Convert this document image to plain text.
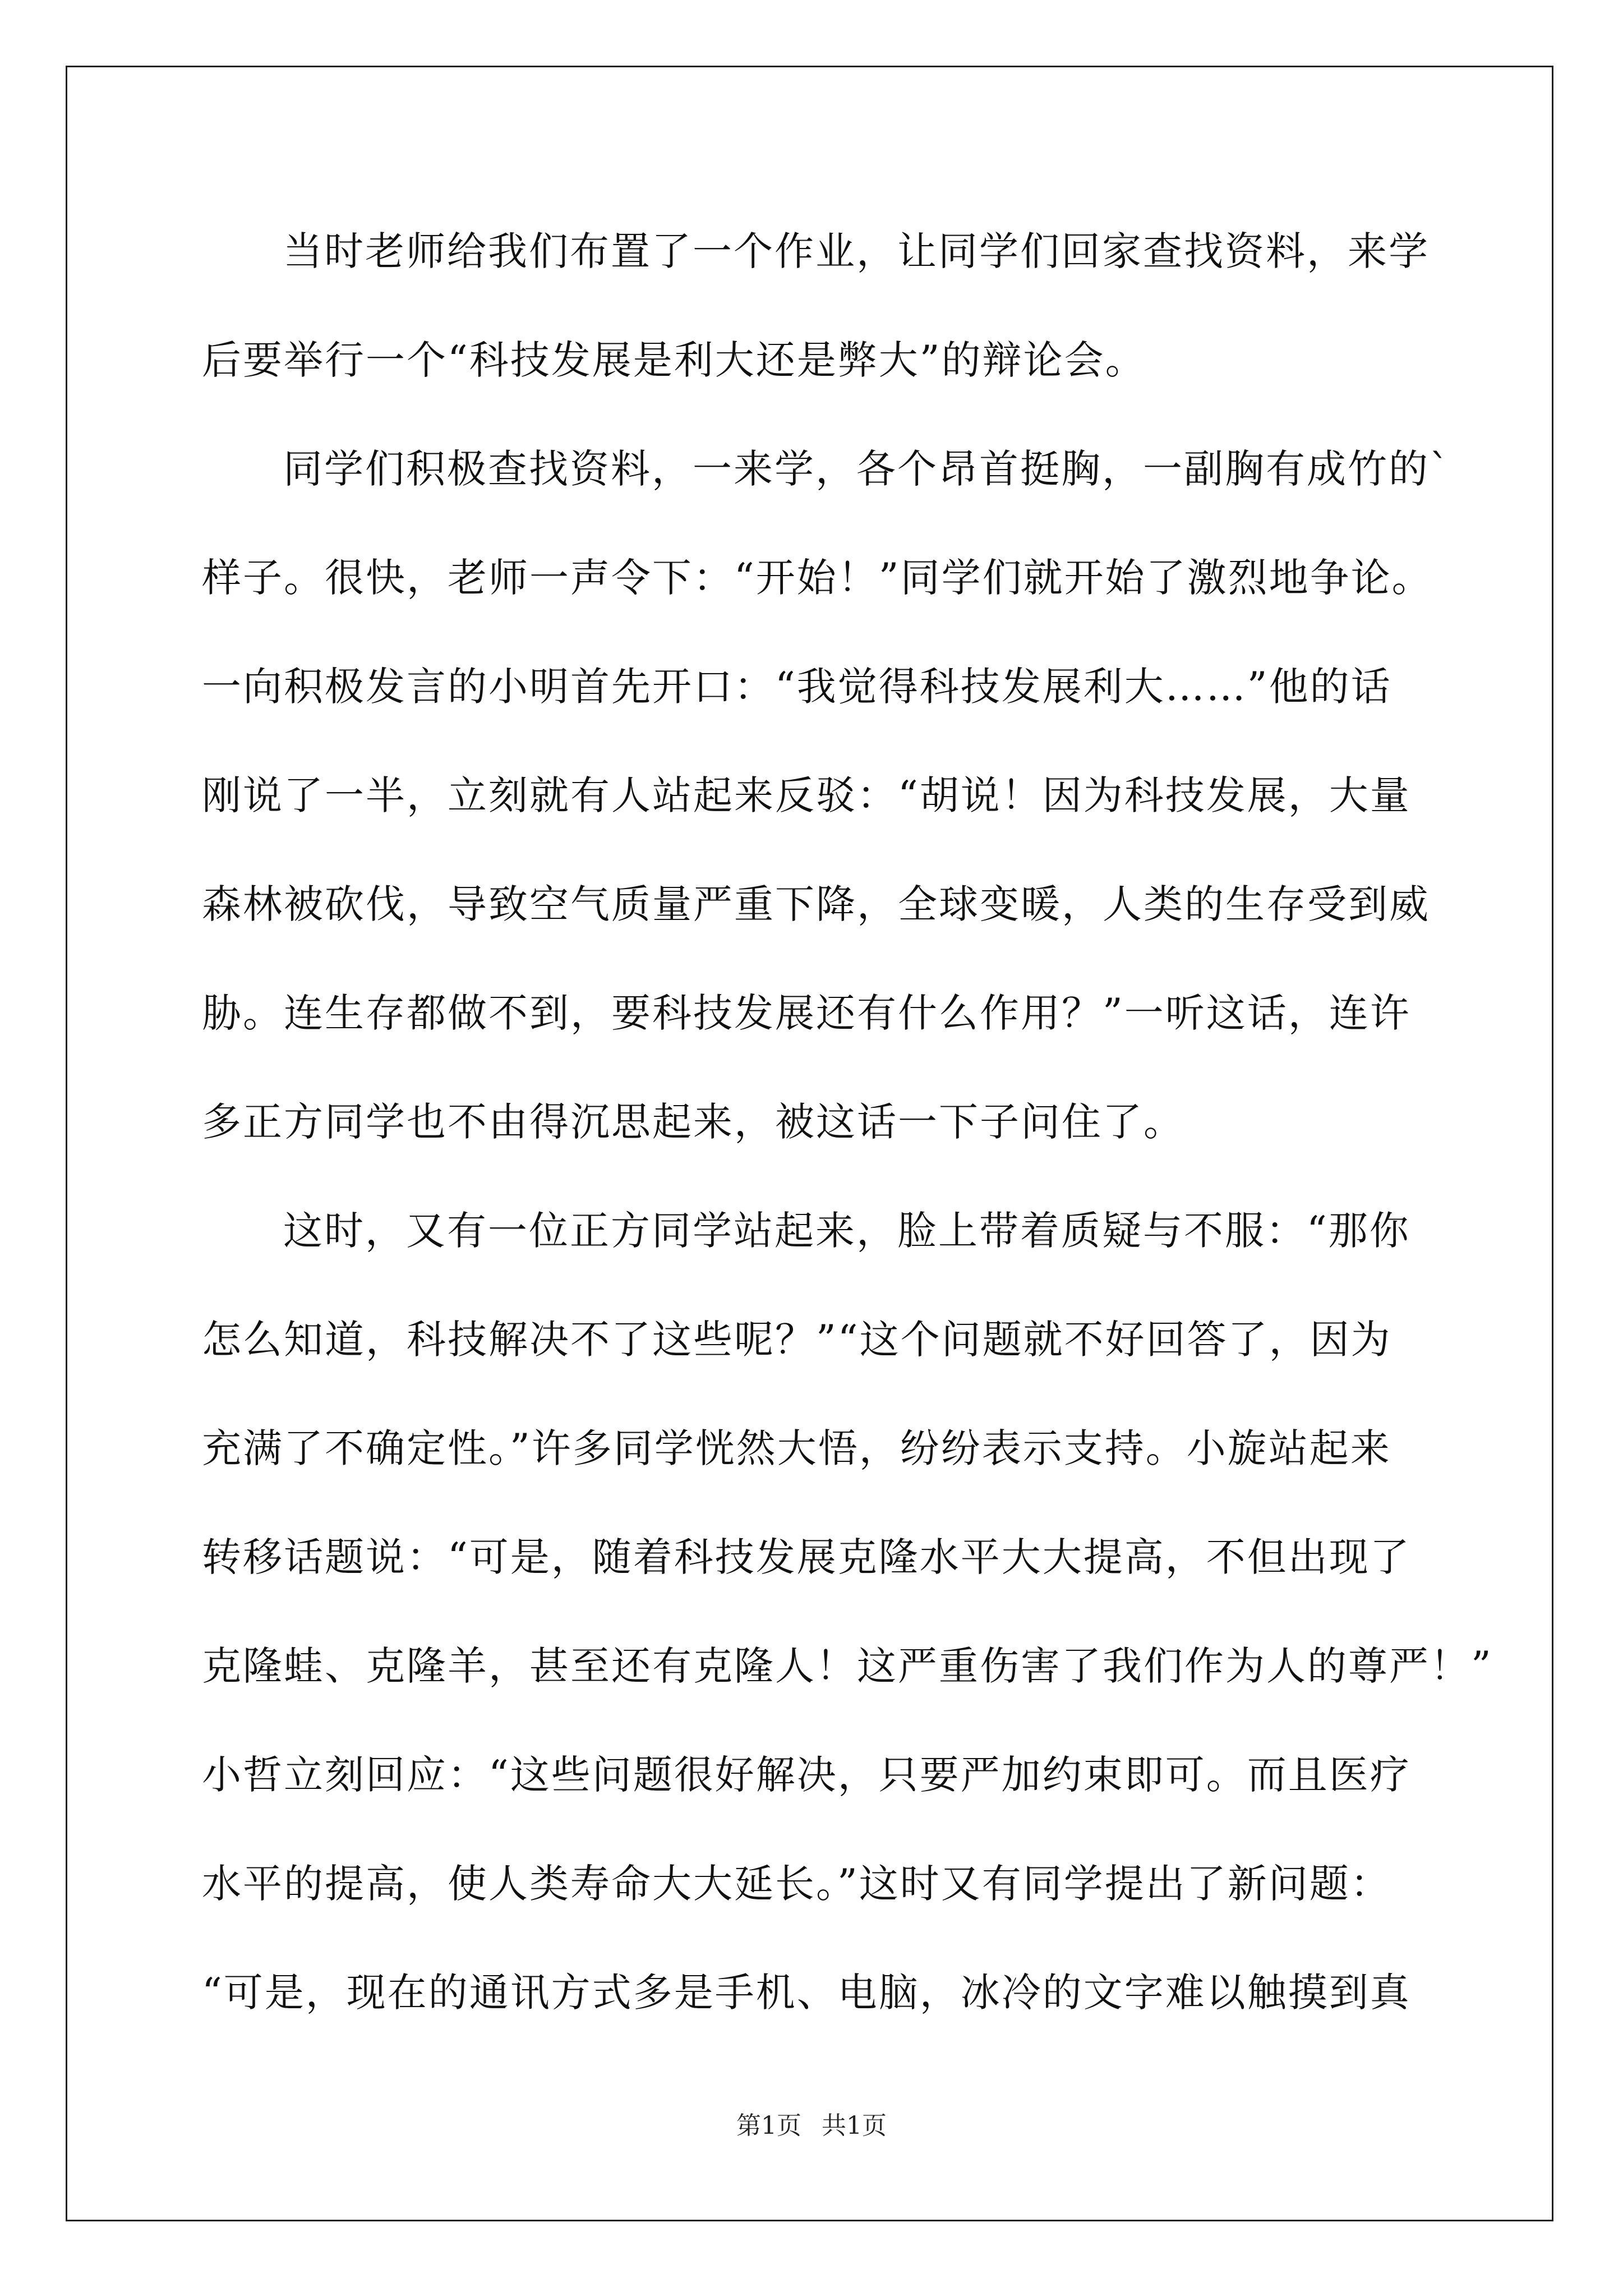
当时老师给我们布置了一个作业，让同学们回家查找资料，来学
后要举行一个“科技发展是利大还是弊大”的辩论会。
同学们积极查找资料，一来学，各个昂首挺胸，一副胸有成竹的`
样子。很快，老师一声令下：“开始！”同学们就开始了激烈地争论。
一向积极发言的小明首先开口：“我觉得科技发展利大……”他的话
刚说了一半，立刻就有人站起来反驳：“胡说！因为科技发展，大量
森林被砍伐，导致空气质量严重下降，全球变暖，人类的生存受到威
胁。连生存都做不到，要科技发展还有什么作用？”一听这话，连许
多正方同学也不由得沉思起来，被这话一下子问住了。
这时，又有一位正方同学站起来，脸上带着质疑与不服：“那你
怎么知道，科技解决不了这些呢？”“这个问题就不好回答了，因为
充满了不确定性。”许多同学恍然大悟，纷纷表示支持。小旋站起来
转移话题说：“可是，随着科技发展克隆水平大大提高，不但出现了
克隆蛙、克隆羊，甚至还有克隆人！这严重伤害了我们作为人的尊严！”
小哲立刻回应：“这些问题很好解决，只要严加约束即可。而且医疗
水平的提高，使人类寿命大大延长。”这时又有同学提出了新问题：
“可是，现在的通讯方式多是手机、电脑，冰冷的文字难以触摸到真
第1页 共1页
